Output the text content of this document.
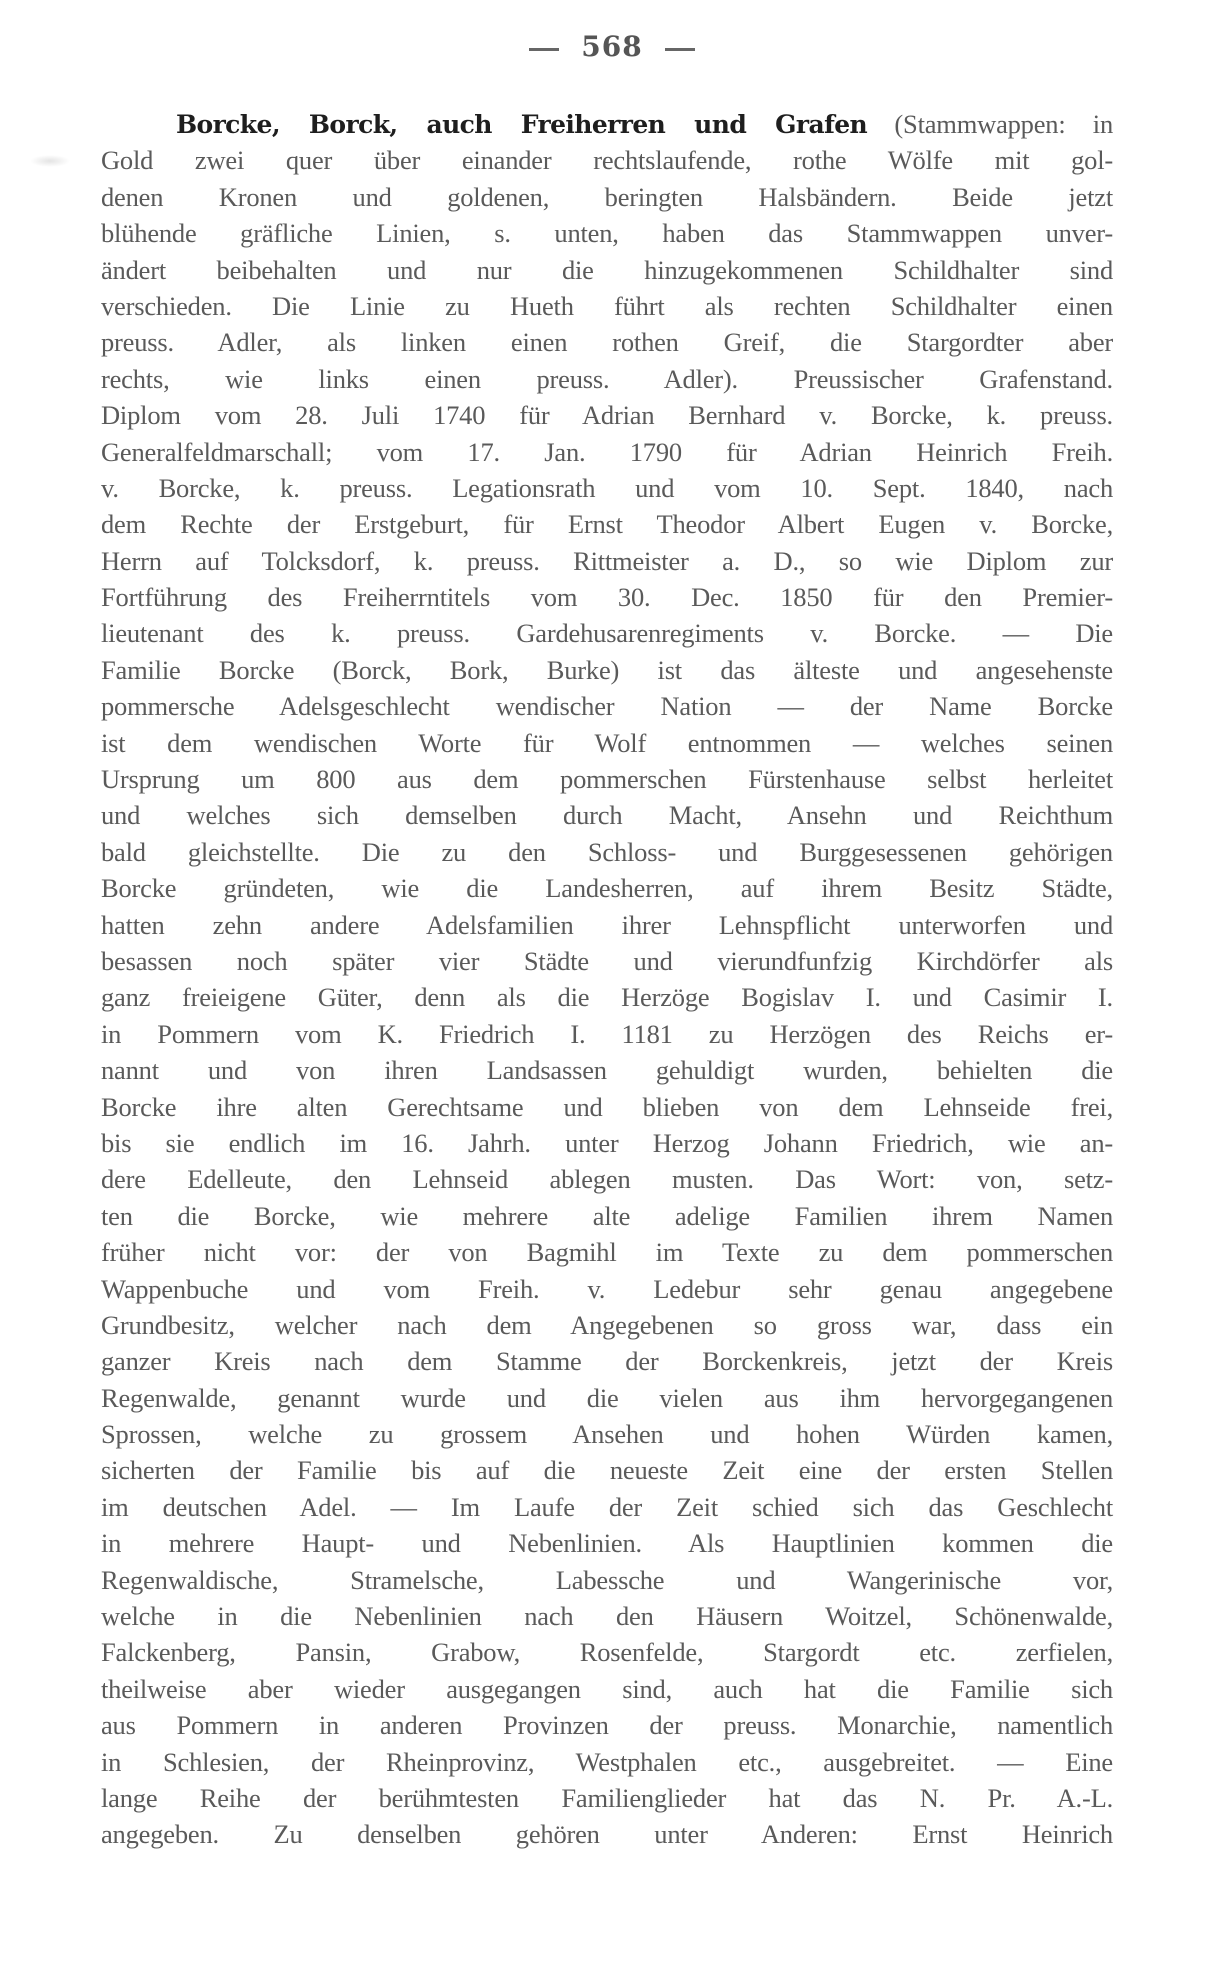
568
Borcke, Borck, auch Freiherren und Grafen (Stammwappen: in
Gold zwei quer über einander rechtslaufende, rothe Wölfe mit gol-
denen Kronen und goldenen, beringten Halsbändern. Beide jetzt
blühende gräfliche Linien, s. unten, haben das Stammwappen unver-
ändert beibehalten und nur die hinzugekommenen Schildhalter sind
verschieden. Die Linie zu Hueth führt als rechten Schildhalter einen
preuss. Adler, als linken einen rothen Greif, die Stargordter aber
rechts, wie links einen preuss. Adler). Preussischer Grafenstand.
Diplom vom 28. Juli 1740 für Adrian Bernhard v. Borcke, k. preuss.
Generalfeldmarschall; vom 17. Jan. 1790 für Adrian Heinrich Freih.
v. Borcke, k. preuss. Legationsrath und vom 10. Sept. 1840, nach
dem Rechte der Erstgeburt, für Ernst Theodor Albert Eugen v. Borcke,
Herrn auf Tolcksdorf, k. preuss. Rittmeister a. D., so wie Diplom zur
Fortführung des Freiherrntitels vom 30. Dec. 1850 für den Premier-
lieutenant des k. preuss. Gardehusarenregiments v. Borcke. — Die
Familie Borcke (Borck, Bork, Burke) ist das älteste und angesehenste
pommersche Adelsgeschlecht wendischer Nation — der Name Borcke
ist dem wendischen Worte für Wolf entnommen — welches seinen
Ursprung um 800 aus dem pommerschen Fürstenhause selbst herleitet
und welches sich demselben durch Macht, Ansehn und Reichthum
bald gleichstellte. Die zu den Schloss- und Burggesessenen gehörigen
Borcke gründeten, wie die Landesherren, auf ihrem Besitz Städte,
hatten zehn andere Adelsfamilien ihrer Lehnspflicht unterworfen und
besassen noch später vier Städte und vierundfunfzig Kirchdörfer als
ganz freieigene Güter, denn als die Herzöge Bogislav I. und Casimir I.
in Pommern vom K. Friedrich I. 1181 zu Herzögen des Reichs er-
nannt und von ihren Landsassen gehuldigt wurden, behielten die
Borcke ihre alten Gerechtsame und blieben von dem Lehnseide frei,
bis sie endlich im 16. Jahrh. unter Herzog Johann Friedrich, wie an-
dere Edelleute, den Lehnseid ablegen musten. Das Wort: von, setz-
ten die Borcke, wie mehrere alte adelige Familien ihrem Namen
früher nicht vor: der von Bagmihl im Texte zu dem pommerschen
Wappenbuche und vom Freih. v. Ledebur sehr genau angegebene
Grundbesitz, welcher nach dem Angegebenen so gross war, dass ein
ganzer Kreis nach dem Stamme der Borckenkreis, jetzt der Kreis
Regenwalde, genannt wurde und die vielen aus ihm hervorgegangenen
Sprossen, welche zu grossem Ansehen und hohen Würden kamen,
sicherten der Familie bis auf die neueste Zeit eine der ersten Stellen
im deutschen Adel. — Im Laufe der Zeit schied sich das Geschlecht
in mehrere Haupt- und Nebenlinien. Als Hauptlinien kommen die
Regenwaldische, Stramelsche, Labessche und Wangerinische vor,
welche in die Nebenlinien nach den Häusern Woitzel, Schönenwalde,
Falckenberg, Pansin, Grabow, Rosenfelde, Stargordt etc. zerfielen,
theilweise aber wieder ausgegangen sind, auch hat die Familie sich
aus Pommern in anderen Provinzen der preuss. Monarchie, namentlich
in Schlesien, der Rheinprovinz, Westphalen etc., ausgebreitet. — Eine
lange Reihe der berühmtesten Familienglieder hat das N. Pr. A.-L.
angegeben. Zu denselben gehören unter Anderen: Ernst Heinrich
